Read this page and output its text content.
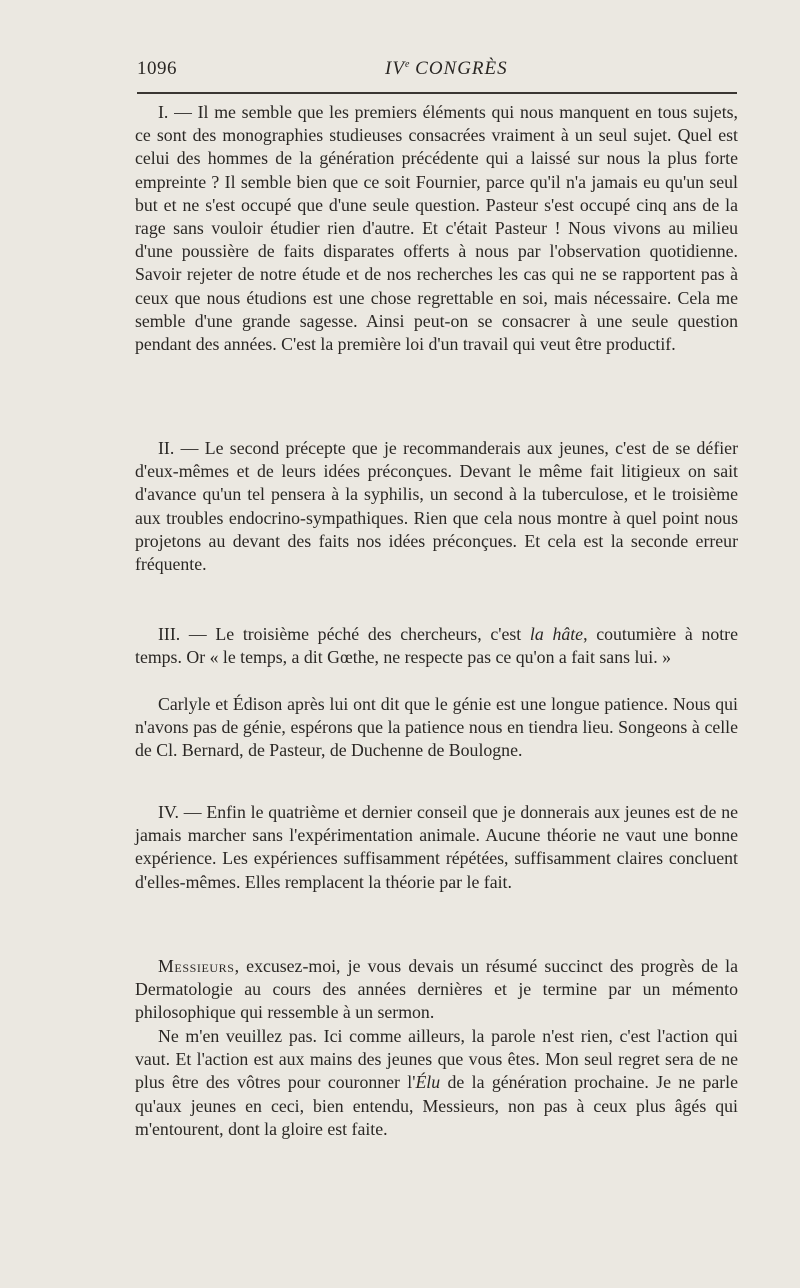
1096	IVe CONGRÈS

I. — Il me semble que les premiers éléments qui nous manquent en tous sujets, ce sont des monographies studieuses consacrées vraiment à un seul sujet. Quel est celui des hommes de la génération précédente qui a laissé sur nous la plus forte empreinte ? Il semble bien que ce soit Fournier, parce qu'il n'a jamais eu qu'un seul but et ne s'est occupé que d'une seule question. Pasteur s'est occupé cinq ans de la rage sans vouloir étudier rien d'autre. Et c'était Pasteur ! Nous vivons au milieu d'une poussière de faits disparates offerts à nous par l'observation quotidienne. Savoir rejeter de notre étude et de nos recherches les cas qui ne se rapportent pas à ceux que nous étudions est une chose regrettable en soi, mais nécessaire. Cela me semble d'une grande sagesse. Ainsi peut-on se consacrer à une seule question pendant des années. C'est la première loi d'un travail qui veut être productif.

II. — Le second précepte que je recommanderais aux jeunes, c'est de se défier d'eux-mêmes et de leurs idées préconçues. Devant le même fait litigieux on sait d'avance qu'un tel pensera à la syphilis, un second à la tuberculose, et le troisième aux troubles endocrino-sympathiques. Rien que cela nous montre à quel point nous projetons au devant des faits nos idées préconçues. Et cela est la seconde erreur fréquente.

III. — Le troisième péché des chercheurs, c'est la hâte, coutumière à notre temps. Or « le temps, a dit Gœthe, ne respecte pas ce qu'on a fait sans lui. »

Carlyle et Édison après lui ont dit que le génie est une longue patience. Nous qui n'avons pas de génie, espérons que la patience nous en tiendra lieu. Songeons à celle de Cl. Bernard, de Pasteur, de Duchenne de Boulogne.

IV. — Enfin le quatrième et dernier conseil que je donnerais aux jeunes est de ne jamais marcher sans l'expérimentation animale. Aucune théorie ne vaut une bonne expérience. Les expériences suffisamment répétées, suffisamment claires concluent d'elles-mêmes. Elles remplacent la théorie par le fait.

Messieurs, excusez-moi, je vous devais un résumé succinct des progrès de la Dermatologie au cours des années dernières et je termine par un mémento philosophique qui ressemble à un sermon.

Ne m'en veuillez pas. Ici comme ailleurs, la parole n'est rien, c'est l'action qui vaut. Et l'action est aux mains des jeunes que vous êtes. Mon seul regret sera de ne plus être des vôtres pour couronner l'Élu de la génération prochaine. Je ne parle qu'aux jeunes en ceci, bien entendu, Messieurs, non pas à ceux plus âgés qui m'entourent, dont la gloire est faite.
